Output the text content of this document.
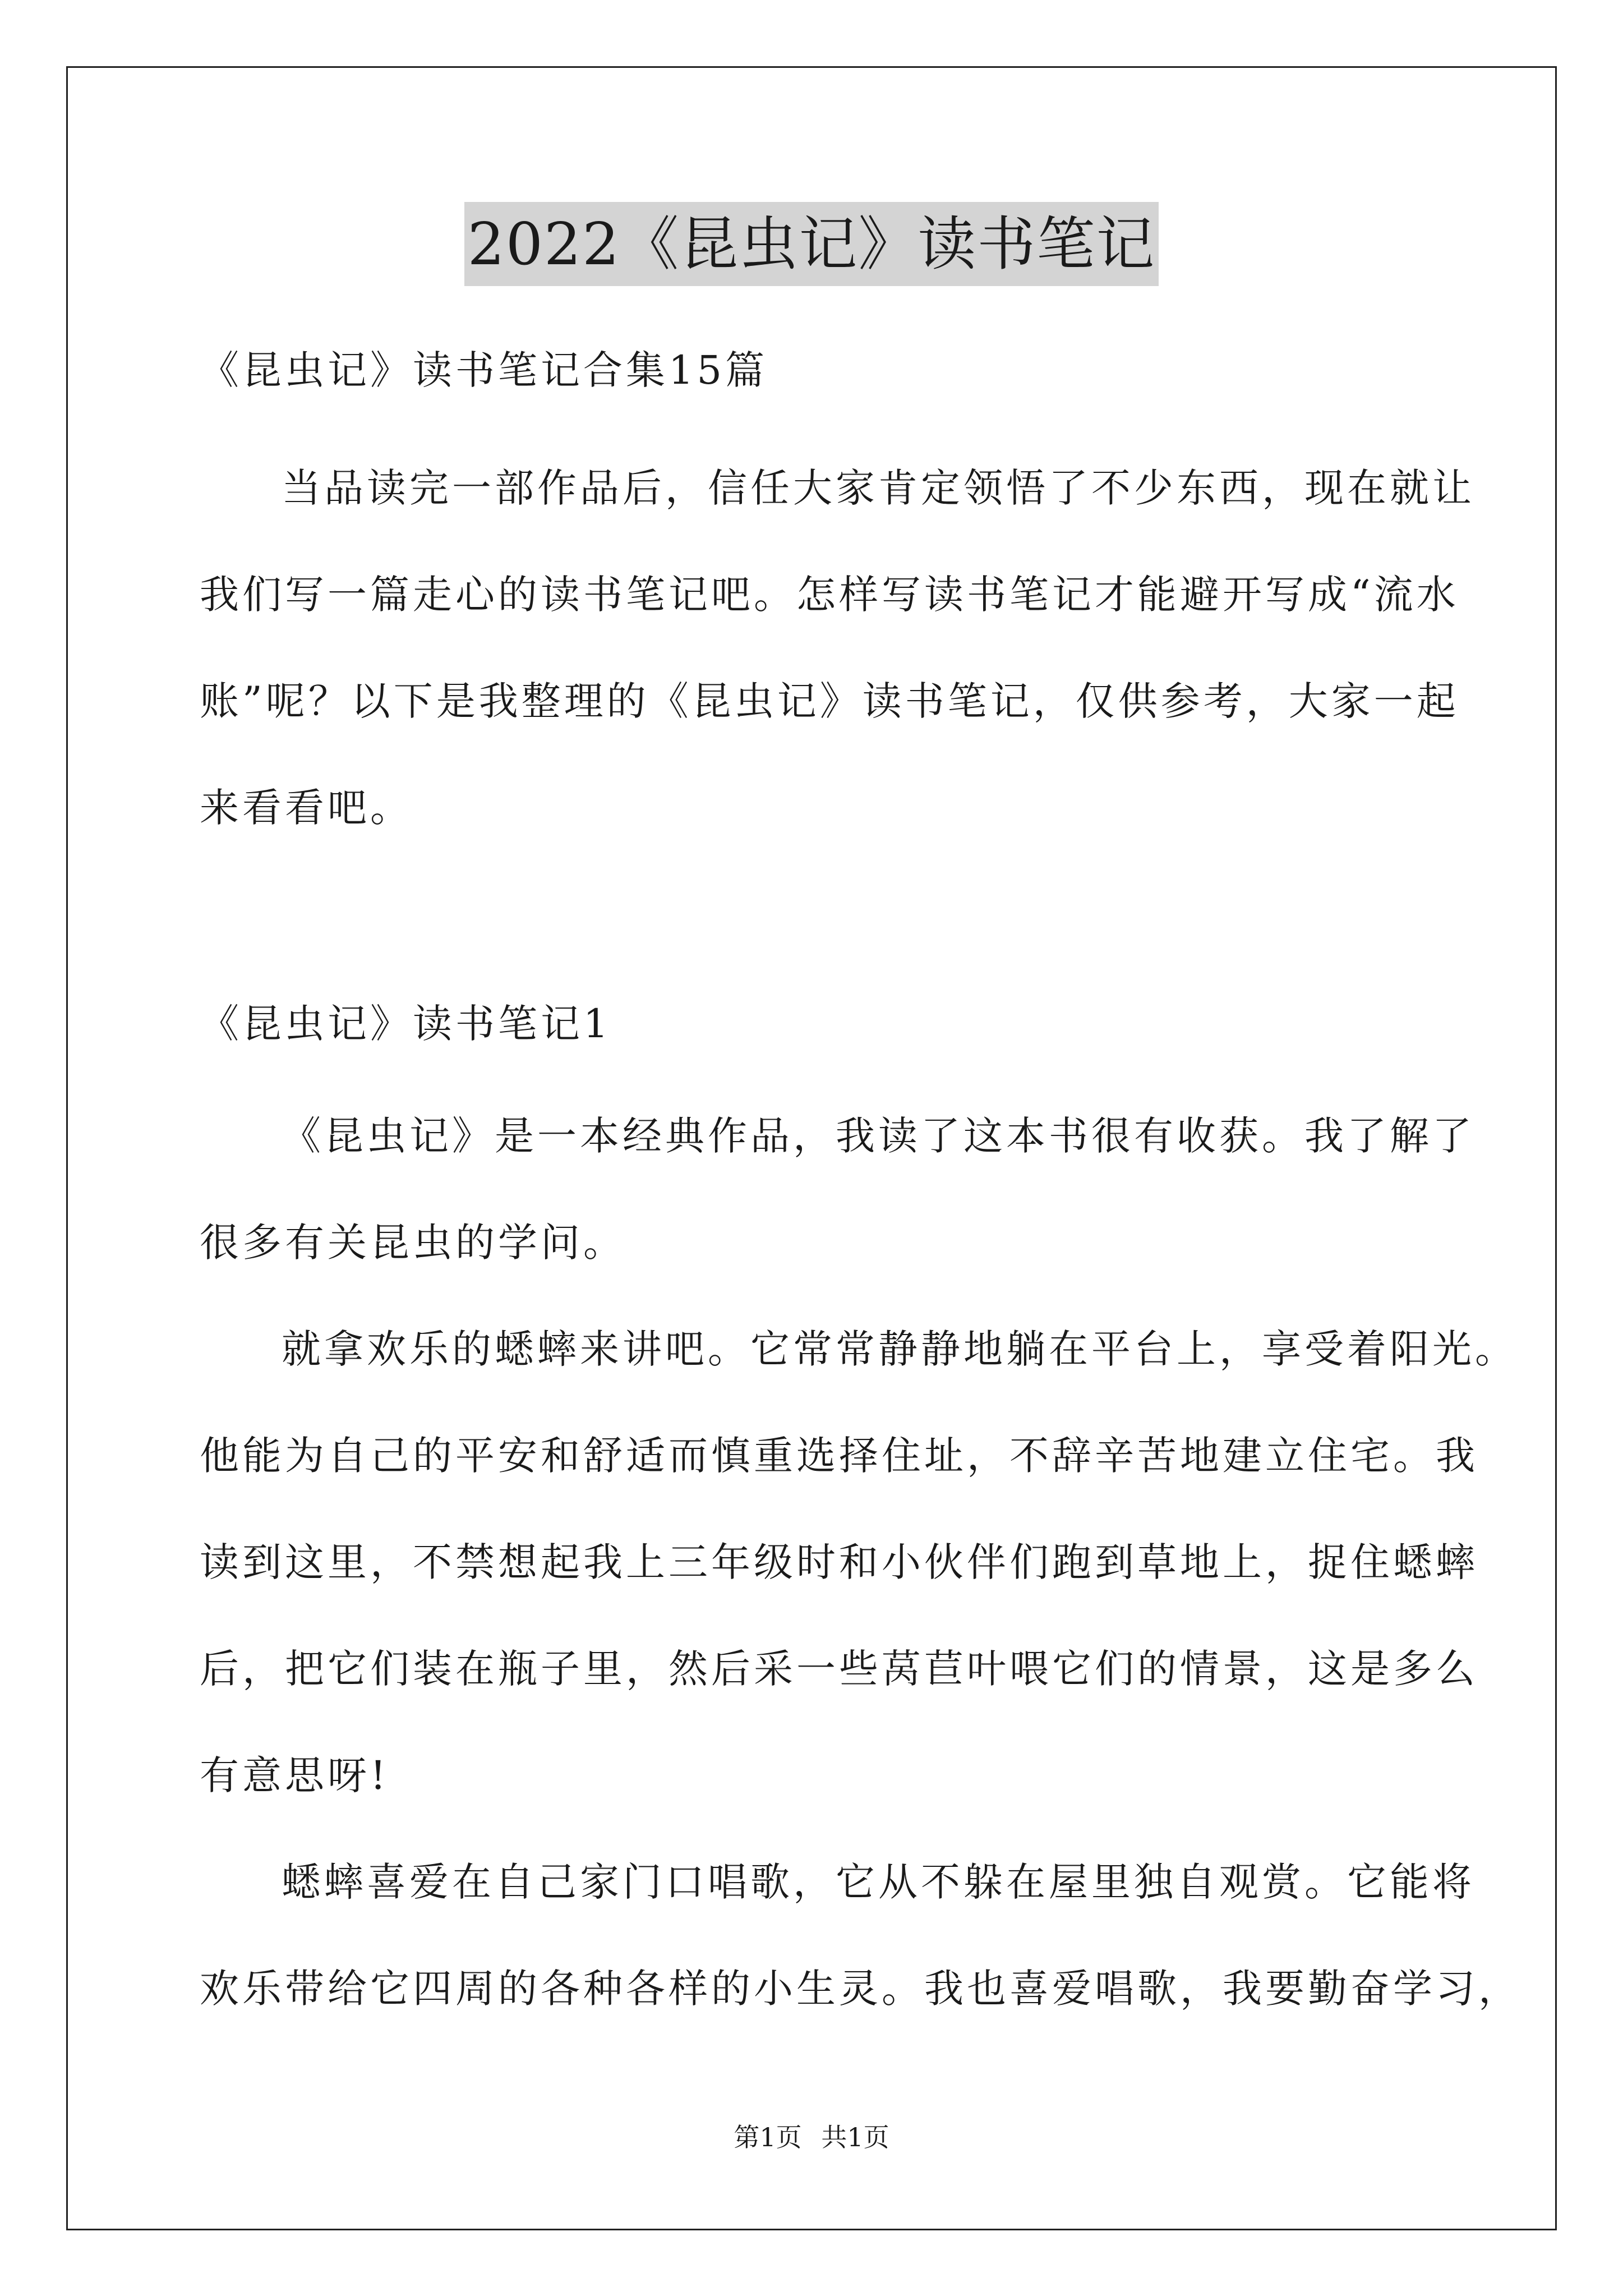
2022《昆虫记》读书笔记
《昆虫记》读书笔记合集15篇
当品读完一部作品后，信任大家肯定领悟了不少东西，现在就让
我们写一篇走心的读书笔记吧。怎样写读书笔记才能避开写成“流水
账”呢？以下是我整理的《昆虫记》读书笔记，仅供参考，大家一起
来看看吧。
《昆虫记》读书笔记1
《昆虫记》是一本经典作品，我读了这本书很有收获。我了解了
很多有关昆虫的学问。
就拿欢乐的蟋蟀来讲吧。它常常静静地躺在平台上，享受着阳光。
他能为自己的平安和舒适而慎重选择住址，不辞辛苦地建立住宅。我
读到这里，不禁想起我上三年级时和小伙伴们跑到草地上，捉住蟋蟀
后，把它们装在瓶子里，然后采一些莴苣叶喂它们的情景，这是多么
有意思呀!
蟋蟀喜爱在自己家门口唱歌，它从不躲在屋里独自观赏。它能将
欢乐带给它四周的各种各样的小生灵。我也喜爱唱歌，我要勤奋学习，
第1页 共1页
